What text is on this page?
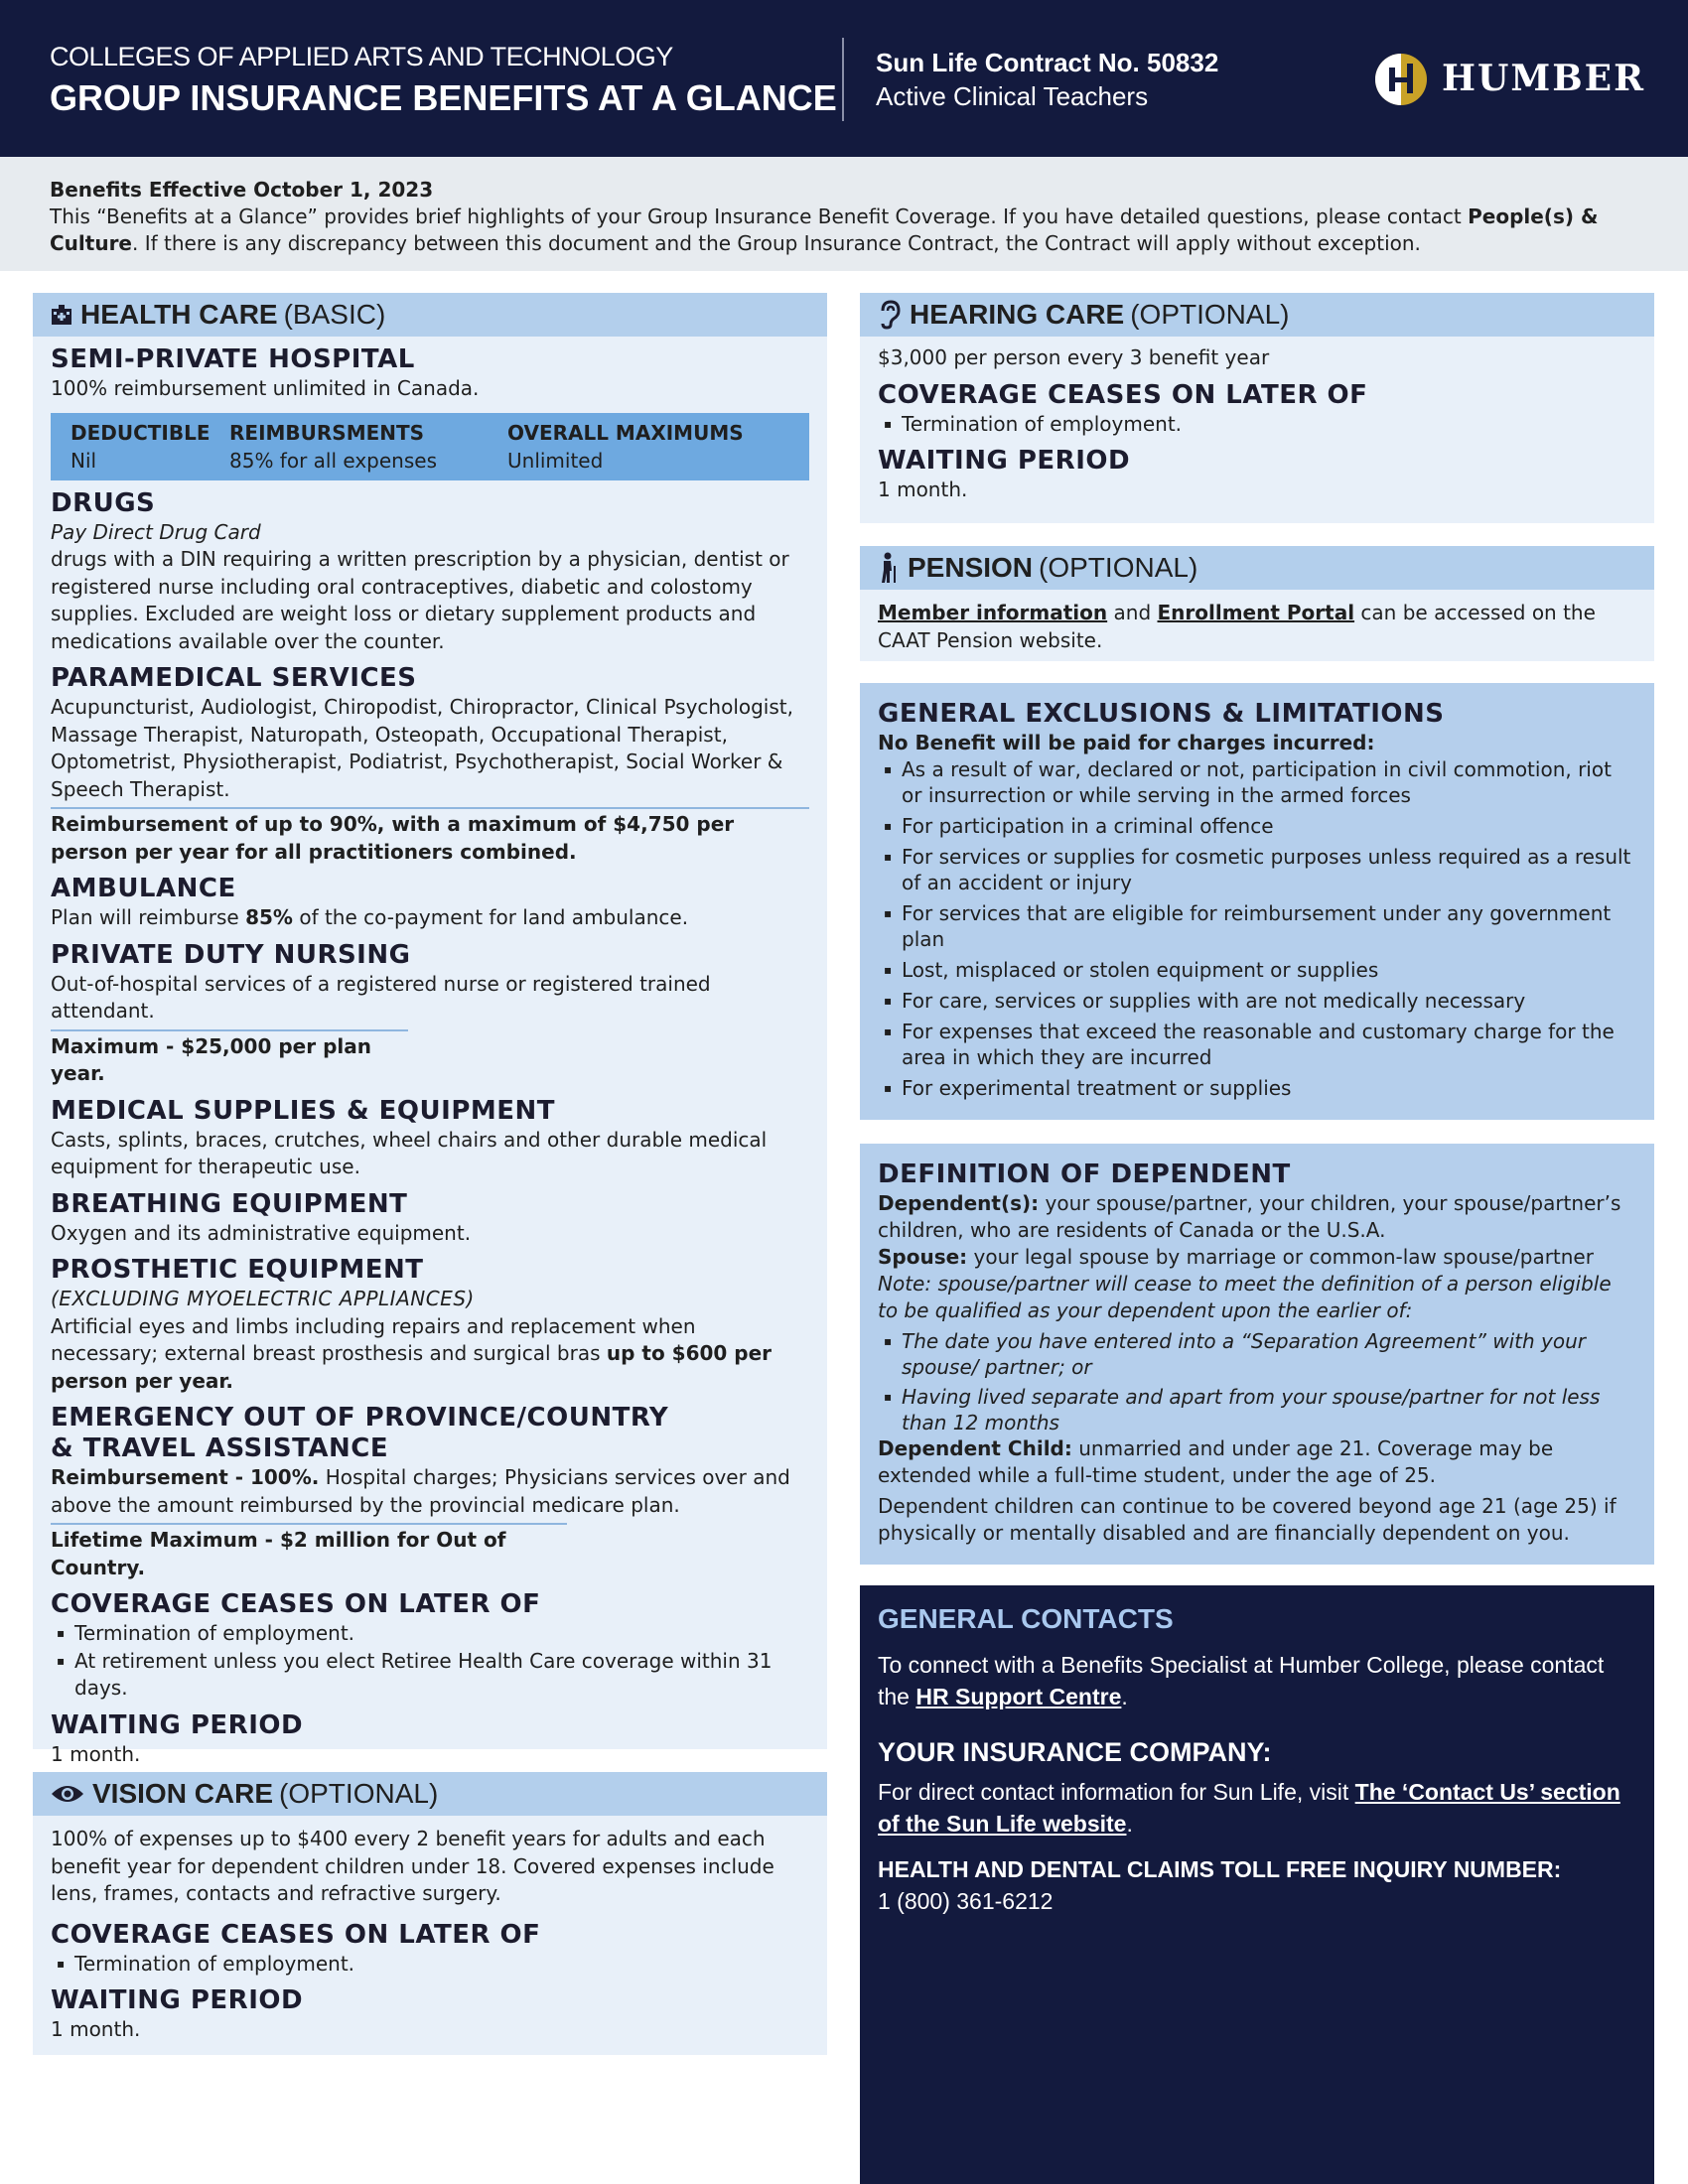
COLLEGES OF APPLIED ARTS AND TECHNOLOGY
GROUP INSURANCE BENEFITS AT A GLANCE
Sun Life Contract No. 50832
Active Clinical Teachers	HUMBER
Benefits Effective October 1, 2023
This “Benefits at a Glance” provides brief highlights of your Group Insurance Benefit Coverage. If you have detailed questions, please contact People(s) & Culture. If there is any discrepancy between this document and the Group Insurance Contract, the Contract will apply without exception.
HEALTH CARE (BASIC)
SEMI-PRIVATE HOSPITAL
100% reimbursement unlimited in Canada.
DEDUCTIBLE
Nil
REIMBURSMENTS
85% for all expenses
OVERALL MAXIMUMS
Unlimited
DRUGS
Pay Direct Drug Card
drugs with a DIN requiring a written prescription by a physician, dentist or registered nurse including oral contraceptives, diabetic and colostomy supplies. Excluded are weight loss or dietary supplement products and medications available over the counter.
PARAMEDICAL SERVICES
Acupuncturist, Audiologist, Chiropodist, Chiropractor, Clinical Psychologist, Massage Therapist, Naturopath, Osteopath, Occupational Therapist, Optometrist, Physiotherapist, Podiatrist, Psychotherapist, Social Worker & Speech Therapist.
Reimbursement of up to 90%, with a maximum of $4,750 per person per year for all practitioners combined.
AMBULANCE
Plan will reimburse 85% of the co-payment for land ambulance.
PRIVATE DUTY NURSING
Out-of-hospital services of a registered nurse or registered trained attendant.
Maximum - $25,000 per plan year.
MEDICAL SUPPLIES & EQUIPMENT
Casts, splints, braces, crutches, wheel chairs and other durable medical equipment for therapeutic use.
BREATHING EQUIPMENT
Oxygen and its administrative equipment.
PROSTHETIC EQUIPMENT
(EXCLUDING MYOELECTRIC APPLIANCES)
Artificial eyes and limbs including repairs and replacement when necessary; external breast prosthesis and surgical bras up to $600 per person per year.
EMERGENCY OUT OF PROVINCE/COUNTRY
& TRAVEL ASSISTANCE
Reimbursement - 100%. Hospital charges; Physicians services over and above the amount reimbursed by the provincial medicare plan.
Lifetime Maximum - $2 million for Out of Country.
COVERAGE CEASES ON LATER OF
▪ Termination of employment.
▪ At retirement unless you elect Retiree Health Care coverage within 31 days.
WAITING PERIOD
1 month.
VISION CARE (OPTIONAL)
100% of expenses up to $400 every 2 benefit years for adults and each benefit year for dependent children under 18. Covered expenses include lens, frames, contacts and refractive surgery.
COVERAGE CEASES ON LATER OF
▪ Termination of employment.
WAITING PERIOD
1 month.
HEARING CARE (OPTIONAL)
$3,000 per person every 3 benefit year
COVERAGE CEASES ON LATER OF
▪ Termination of employment.
WAITING PERIOD
1 month.
PENSION (OPTIONAL)
Member information and Enrollment Portal can be accessed on the CAAT Pension website.
GENERAL EXCLUSIONS & LIMITATIONS
No Benefit will be paid for charges incurred:
▪ As a result of war, declared or not, participation in civil commotion, riot or insurrection or while serving in the armed forces
▪ For participation in a criminal offence
▪ For services or supplies for cosmetic purposes unless required as a result of an accident or injury
▪ For services that are eligible for reimbursement under any government plan
▪ Lost, misplaced or stolen equipment or supplies
▪ For care, services or supplies with are not medically necessary
▪ For expenses that exceed the reasonable and customary charge for the area in which they are incurred
▪ For experimental treatment or supplies
DEFINITION OF DEPENDENT
Dependent(s): your spouse/partner, your children, your spouse/partner’s children, who are residents of Canada or the U.S.A.
Spouse: your legal spouse by marriage or common-law spouse/partner
Note: spouse/partner will cease to meet the definition of a person eligible to be qualified as your dependent upon the earlier of:
▪ The date you have entered into a “Separation Agreement” with your spouse/ partner; or
▪ Having lived separate and apart from your spouse/partner for not less than 12 months
Dependent Child: unmarried and under age 21. Coverage may be extended while a full-time student, under the age of 25.
Dependent children can continue to be covered beyond age 21 (age 25) if physically or mentally disabled and are financially dependent on you.
GENERAL CONTACTS
To connect with a Benefits Specialist at Humber College, please contact the HR Support Centre.
YOUR INSURANCE COMPANY:
For direct contact information for Sun Life, visit The ‘Contact Us’ section of the Sun Life website.
HEALTH AND DENTAL CLAIMS TOLL FREE INQUIRY NUMBER:
1 (800) 361-6212
